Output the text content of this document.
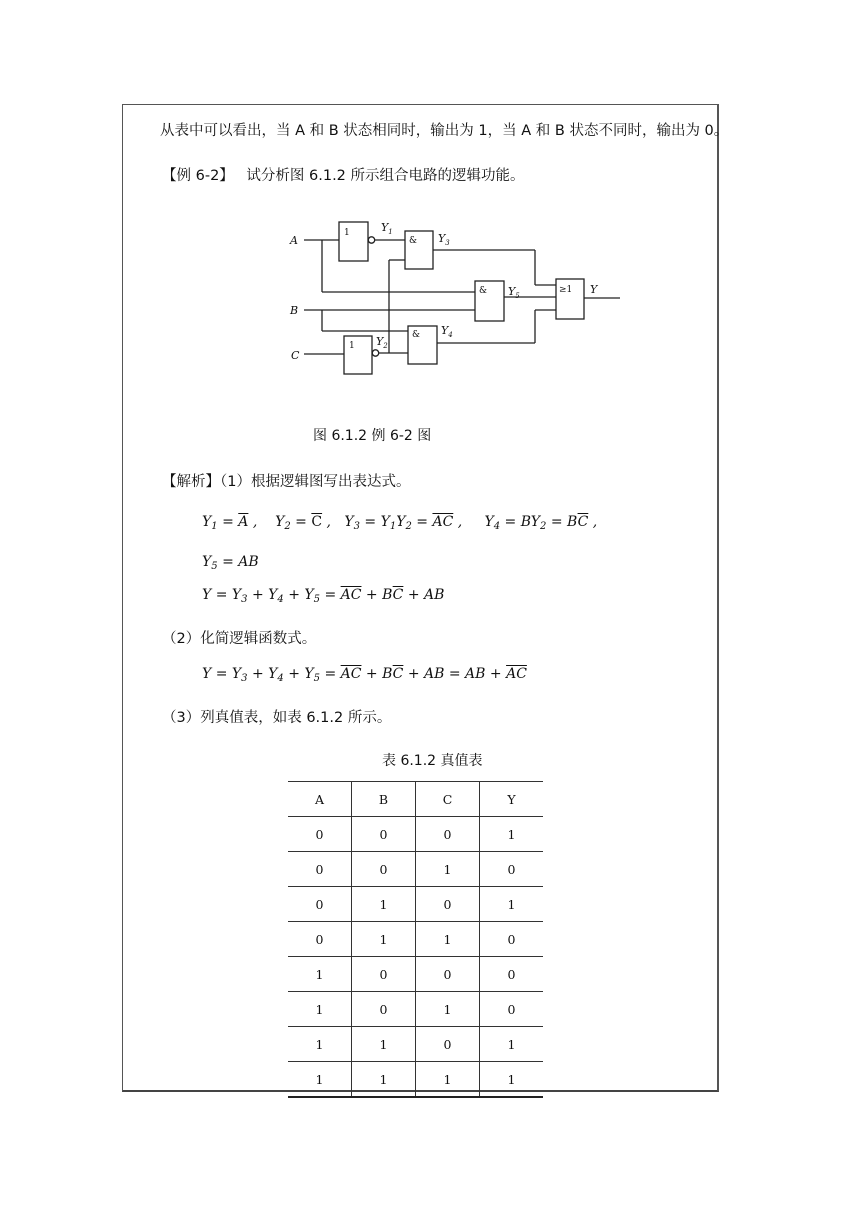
从表中可以看出，当 A 和 B 状态相同时，输出为 1，当 A 和 B 状态不同时，输出为 0。
【例 6-2】 试分析图 6.1.2 所示组合电路的逻辑功能。
1
&
&
1
&
≥1
A
B
C
$Y_1$	$Y_3$
$Y_5$
$Y_4$
$Y_2$
Y
图 6.1.2 例 6-2 图
【解析】（1）根据逻辑图写出表达式。
$Y_1 = \overline{A}$ ,    $Y_2 = \overline{C}$ ,   $Y_3 = Y_1Y_2 = \overline{AC}$ ,     $Y_4 = BY_2 = B\overline{C}$ ,
$Y_5$ = AB
$Y = Y_3 + Y_4 + Y_5 = \overline{AC} + B\overline{C}$ + AB
（2）化简逻辑函数式。
$Y = Y_3 + Y_4 + Y_5 = \overline{AC} + B\overline{C}$ + AB = AB + $\overline{AC}$
（3）列真值表，如表 6.1.2 所示。
表 6.1.2 真值表
A	B	C	Y
0	0	0	1
0	0	1	0
0	1	0	1
0	1	1	0
1	0	0	0
1	0	1	0
1	1	0	1
1	1	1	1
